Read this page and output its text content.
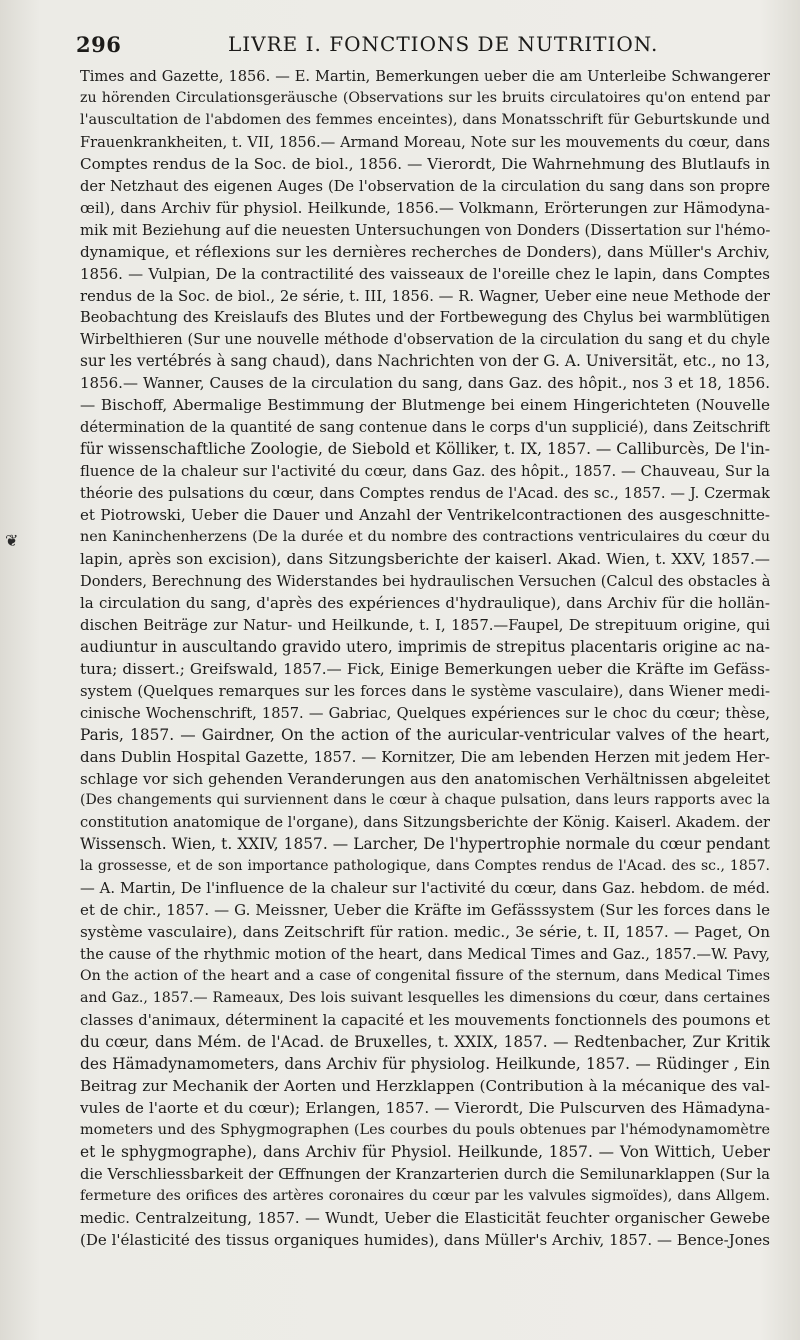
296	LIVRE I. FONCTIONS DE NUTRITION.
❦
Times and Gazette, 1856. — E. Martin, Bemerkungen ueber die am Unterleibe Schwangerer
zu hörenden Circulationsgeräusche (Observations sur les bruits circulatoires qu'on entend par
l'auscultation de l'abdomen des femmes enceintes), dans Monatsschrift für Geburtskunde und
Frauenkrankheiten, t. VII, 1856.— Armand Moreau, Note sur les mouvements du cœur, dans
Comptes rendus de la Soc. de biol., 1856. — Vierordt, Die Wahrnehmung des Blutlaufs in
der Netzhaut des eigenen Auges (De l'observation de la circulation du sang dans son propre
œil), dans Archiv für physiol. Heilkunde, 1856.— Volkmann, Erörterungen zur Hämodyna-
mik mit Beziehung auf die neuesten Untersuchungen von Donders (Dissertation sur l'hémo-
dynamique, et réflexions sur les dernières recherches de Donders), dans Müller's Archiv,
1856. — Vulpian, De la contractilité des vaisseaux de l'oreille chez le lapin, dans Comptes
rendus de la Soc. de biol., 2e série, t. III, 1856. — R. Wagner, Ueber eine neue Methode der
Beobachtung des Kreislaufs des Blutes und der Fortbewegung des Chylus bei warmblütigen
Wirbelthieren (Sur une nouvelle méthode d'observation de la circulation du sang et du chyle
sur les vertébrés à sang chaud), dans Nachrichten von der G. A. Universität, etc., no 13,
1856.— Wanner, Causes de la circulation du sang, dans Gaz. des hôpit., nos 3 et 18, 1856.
— Bischoff, Abermalige Bestimmung der Blutmenge bei einem Hingerichteten (Nouvelle
détermination de la quantité de sang contenue dans le corps d'un supplicié), dans Zeitschrift
für wissenschaftliche Zoologie, de Siebold et Kölliker, t. IX, 1857. — Calliburcès, De l'in-
fluence de la chaleur sur l'activité du cœur, dans Gaz. des hôpit., 1857. — Chauveau, Sur la
théorie des pulsations du cœur, dans Comptes rendus de l'Acad. des sc., 1857. — J. Czermak
et Piotrowski, Ueber die Dauer und Anzahl der Ventrikelcontractionen des ausgeschnitte-
nen Kaninchenherzens (De la durée et du nombre des contractions ventriculaires du cœur du
lapin, après son excision), dans Sitzungsberichte der kaiserl. Akad. Wien, t. XXV, 1857.—
Donders, Berechnung des Widerstandes bei hydraulischen Versuchen (Calcul des obstacles à
la circulation du sang, d'après des expériences d'hydraulique), dans Archiv für die hollän-
dischen Beiträge zur Natur- und Heilkunde, t. I, 1857.—Faupel, De strepituum origine, qui
audiuntur in auscultando gravido utero, imprimis de strepitus placentaris origine ac na-
tura; dissert.; Greifswald, 1857.— Fick, Einige Bemerkungen ueber die Kräfte im Gefäss-
system (Quelques remarques sur les forces dans le système vasculaire), dans Wiener medi-
cinische Wochenschrift, 1857. — Gabriac, Quelques expériences sur le choc du cœur; thèse,
Paris, 1857. — Gairdner, On the action of the auricular-ventricular valves of the heart,
dans Dublin Hospital Gazette, 1857. — Kornitzer, Die am lebenden Herzen mit jedem Her-
schlage vor sich gehenden Veranderungen aus den anatomischen Verhältnissen abgeleitet
(Des changements qui surviennent dans le cœur à chaque pulsation, dans leurs rapports avec la
constitution anatomique de l'organe), dans Sitzungsberichte der König. Kaiserl. Akadem. der
Wissensch. Wien, t. XXIV, 1857. — Larcher, De l'hypertrophie normale du cœur pendant
la grossesse, et de son importance pathologique, dans Comptes rendus de l'Acad. des sc., 1857.
— A. Martin, De l'influence de la chaleur sur l'activité du cœur, dans Gaz. hebdom. de méd.
et de chir., 1857. — G. Meissner, Ueber die Kräfte im Gefässsystem (Sur les forces dans le
système vasculaire), dans Zeitschrift für ration. medic., 3e série, t. II, 1857. — Paget, On
the cause of the rhythmic motion of the heart, dans Medical Times and Gaz., 1857.—W. Pavy,
On the action of the heart and a case of congenital fissure of the sternum, dans Medical Times
and Gaz., 1857.— Rameaux, Des lois suivant lesquelles les dimensions du cœur, dans certaines
classes d'animaux, déterminent la capacité et les mouvements fonctionnels des poumons et
du cœur, dans Mém. de l'Acad. de Bruxelles, t. XXIX, 1857. — Redtenbacher, Zur Kritik
des Hämadynamometers, dans Archiv für physiolog. Heilkunde, 1857. — Rüdinger , Ein
Beitrag zur Mechanik der Aorten und Herzklappen (Contribution à la mécanique des val-
vules de l'aorte et du cœur); Erlangen, 1857. — Vierordt, Die Pulscurven des Hämadyna-
mometers und des Sphygmographen (Les courbes du pouls obtenues par l'hémodynamomètre
et le sphygmographe), dans Archiv für Physiol. Heilkunde, 1857. — Von Wittich, Ueber
die Verschliessbarkeit der Œffnungen der Kranzarterien durch die Semilunarklappen (Sur la
fermeture des orifices des artères coronaires du cœur par les valvules sigmoïdes), dans Allgem.
medic. Centralzeitung, 1857. — Wundt, Ueber die Elasticität feuchter organischer Gewebe
(De l'élasticité des tissus organiques humides), dans Müller's Archiv, 1857. — Bence-Jones
